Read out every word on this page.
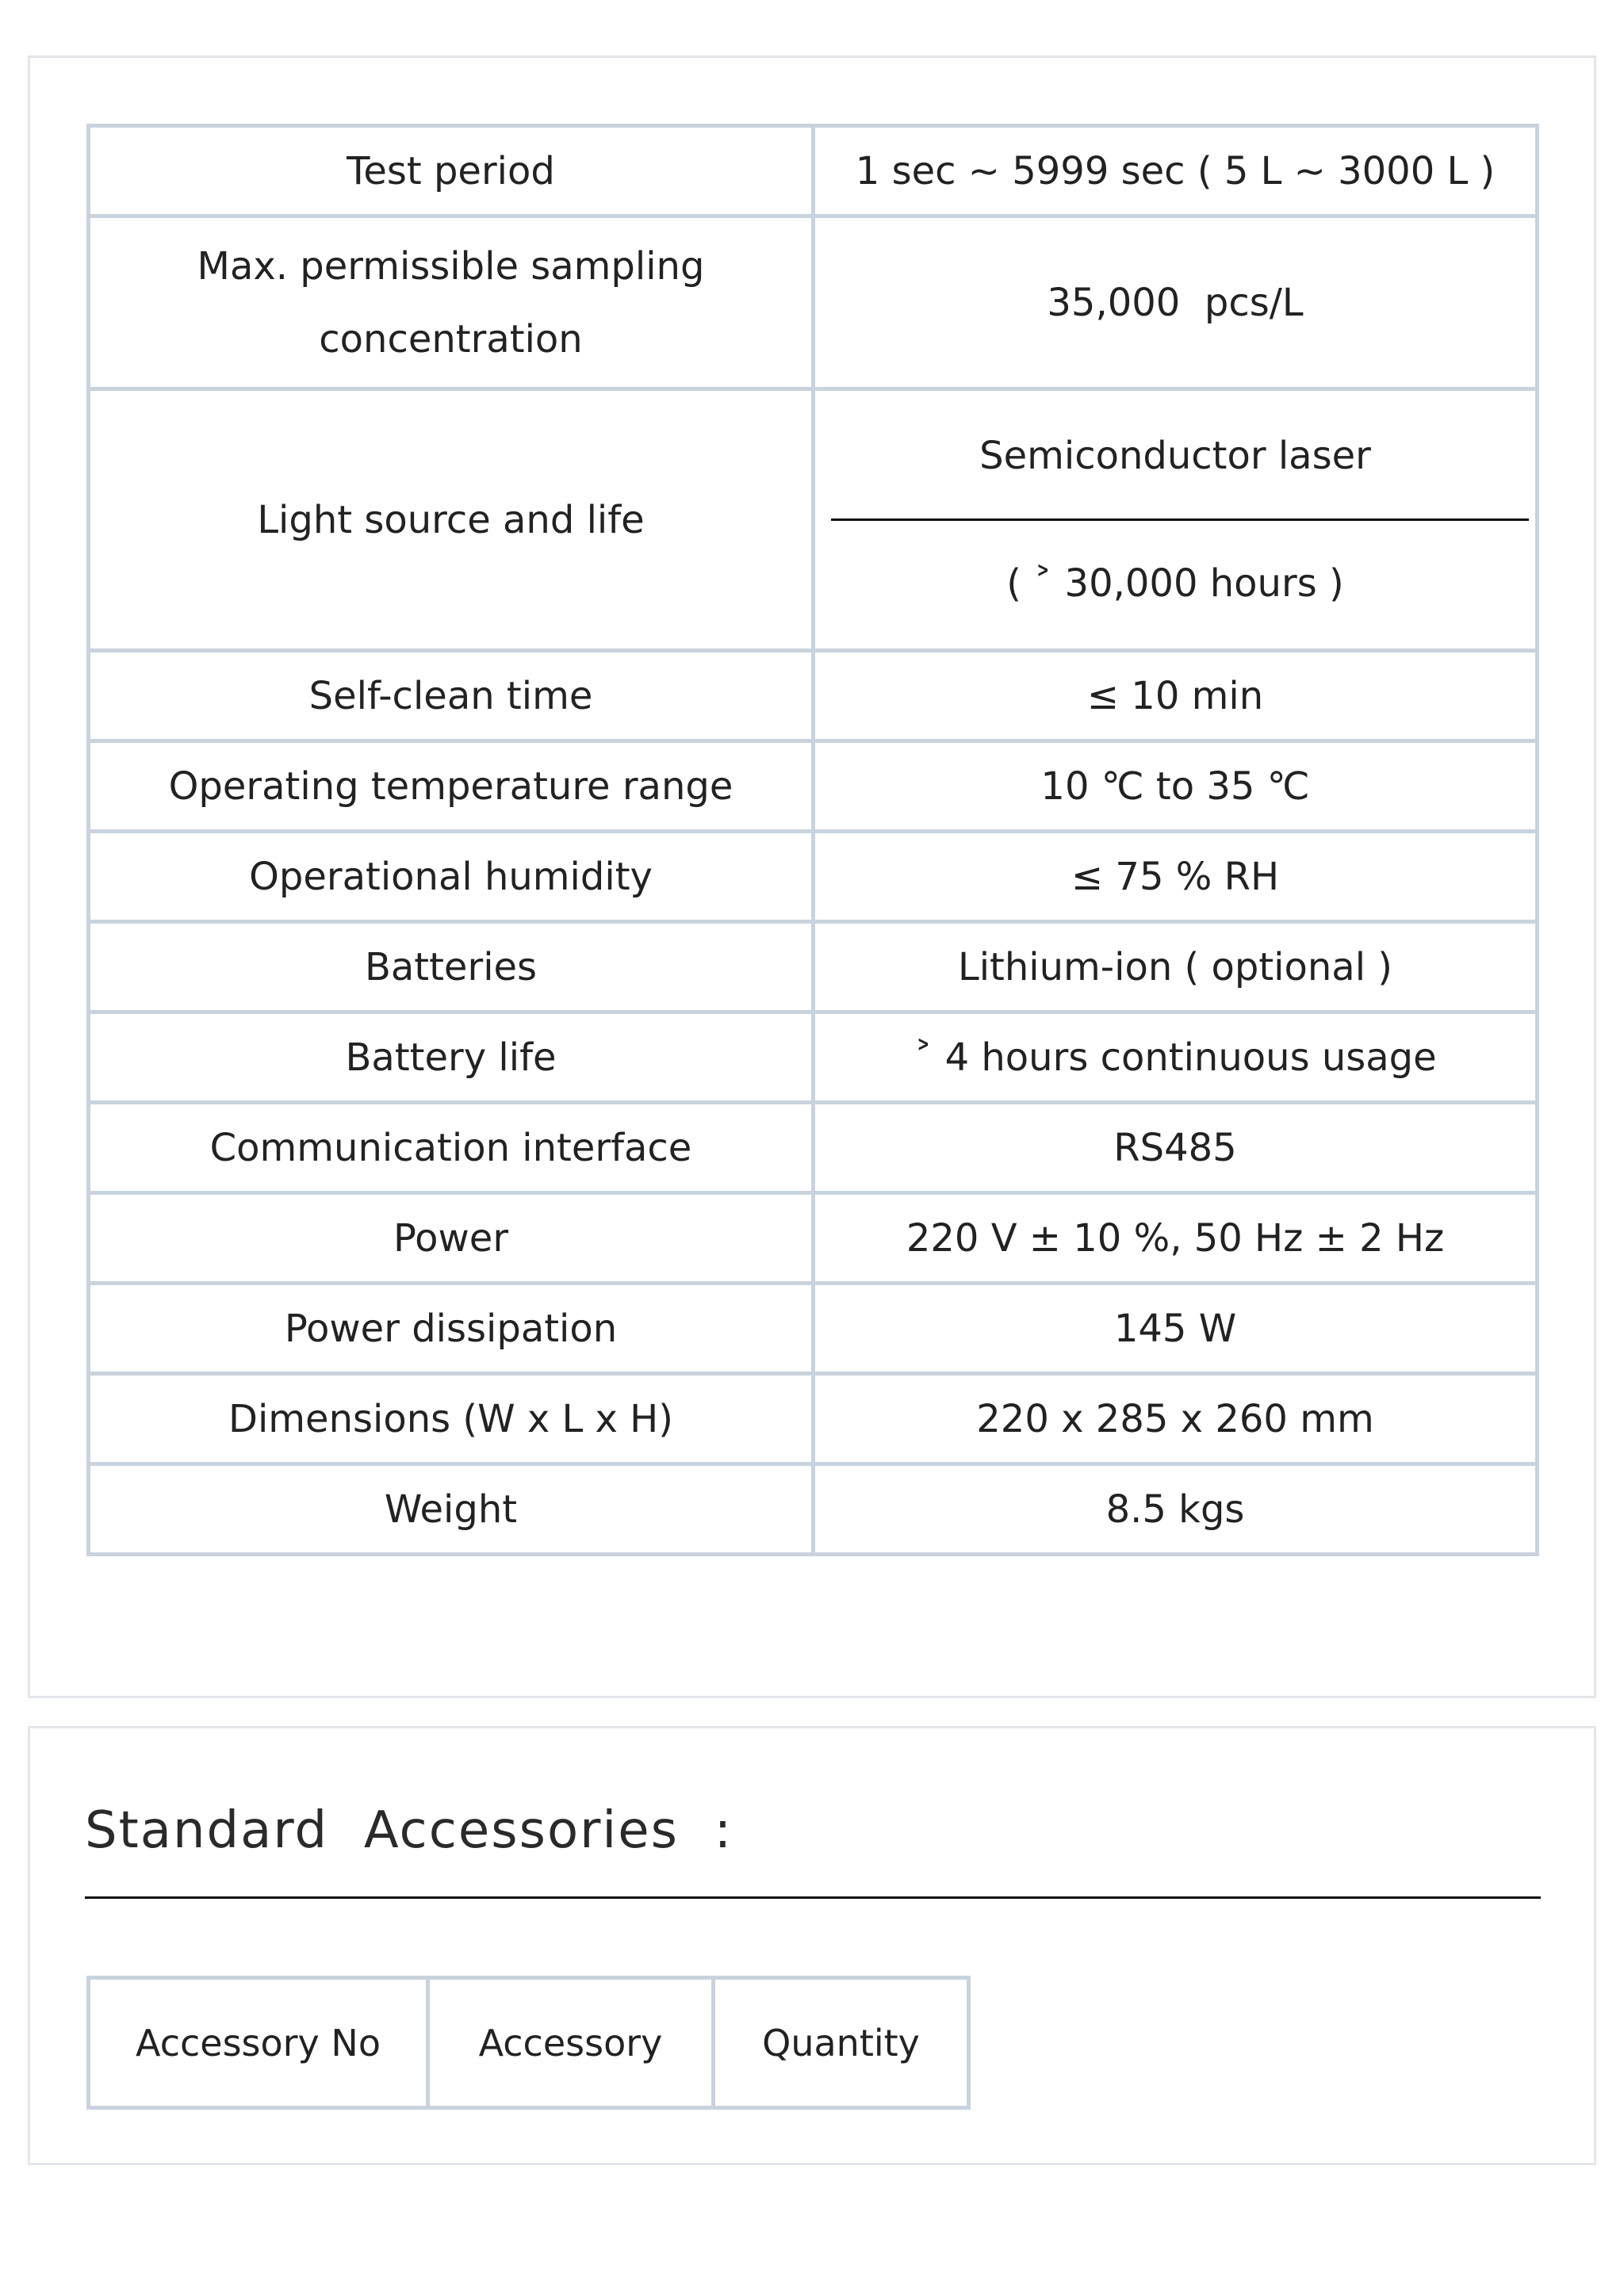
Test period	1 sec ~ 5999 sec ( 5 L ~ 3000 L )

Max. permissible sampling
concentration	35,000  pcs/L
Light source and life	Semiconductor laser
( ˃ 30,000 hours )

Self-clean time	≤ 10 min
Operating temperature range	10 ℃ to 35 ℃
Operational humidity	≤ 75 % RH
Batteries	Lithium-ion ( optional )
Battery life	˃ 4 hours continuous usage
Communication interface	RS485
Power	220 V ± 10 %, 50 Hz ± 2 Hz
Power dissipation	145 W
Dimensions (W x L x H)	220 x 285 x 260 mm
Weight	8.5 kgs
Standard  Accessories  :
Accessory No	Accessory	Quantity
